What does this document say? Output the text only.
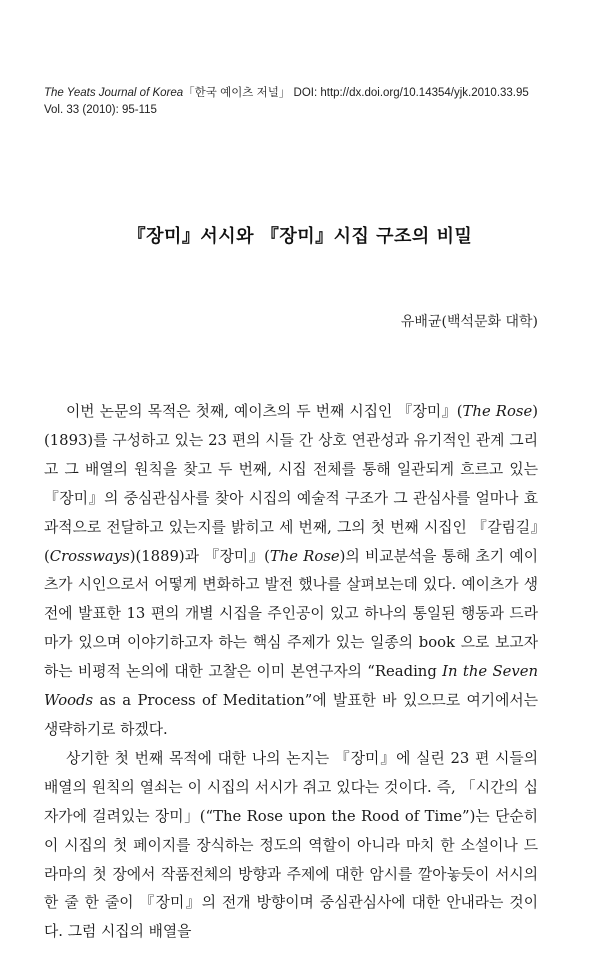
The Yeats Journal of Korea「한국 예이츠 저널」 DOI: http://dx.doi.org/10.14354/yjk.2010.33.95
Vol. 33 (2010): 95-115
『장미』서시와 『장미』시집 구조의 비밀
유배균(백석문화 대학)

이번 논문의 목적은 첫째, 예이츠의 두 번째 시집인 『장미』(The Rose)(1893)를 구성하고 있는 23 편의 시들 간 상호 연관성과 유기적인 관계 그리고 그 배열의 원칙을 찾고 두 번째, 시집 전체를 통해 일관되게 흐르고 있는 『장미』의 중심관심사를 찾아 시집의 예술적 구조가 그 관심사를 얼마나 효과적으로 전달하고 있는지를 밝히고 세 번째, 그의 첫 번째 시집인 『갈림길』(Crossways)(1889)과 『장미』(The Rose)의 비교분석을 통해 초기 예이츠가 시인으로서 어떻게 변화하고 발전 했나를 살펴보는데 있다. 예이츠가 생전에 발표한 13 편의 개별 시집을 주인공이 있고 하나의 통일된 행동과 드라마가 있으며 이야기하고자 하는 핵심 주제가 있는 일종의 book 으로 보고자하는 비평적 논의에 대한 고찰은 이미 본연구자의 “Reading In the Seven Woods as a Process of Meditation”에 발표한 바 있으므로 여기에서는 생략하기로 하겠다.

상기한 첫 번째 목적에 대한 나의 논지는 『장미』에 실린 23 편 시들의 배열의 원칙의 열쇠는 이 시집의 서시가 쥐고 있다는 것이다. 즉, 「시간의 십자가에 걸려있는 장미」(“The Rose upon the Rood of Time”)는 단순히 이 시집의 첫 페이지를 장식하는 정도의 역할이 아니라 마치 한 소설이나 드라마의 첫 장에서 작품전체의 방향과 주제에 대한 암시를 깔아놓듯이 서시의 한 줄 한 줄이 『장미』의 전개 방향이며 중심관심사에 대한 안내라는 것이다. 그럼 시집의 배열을
